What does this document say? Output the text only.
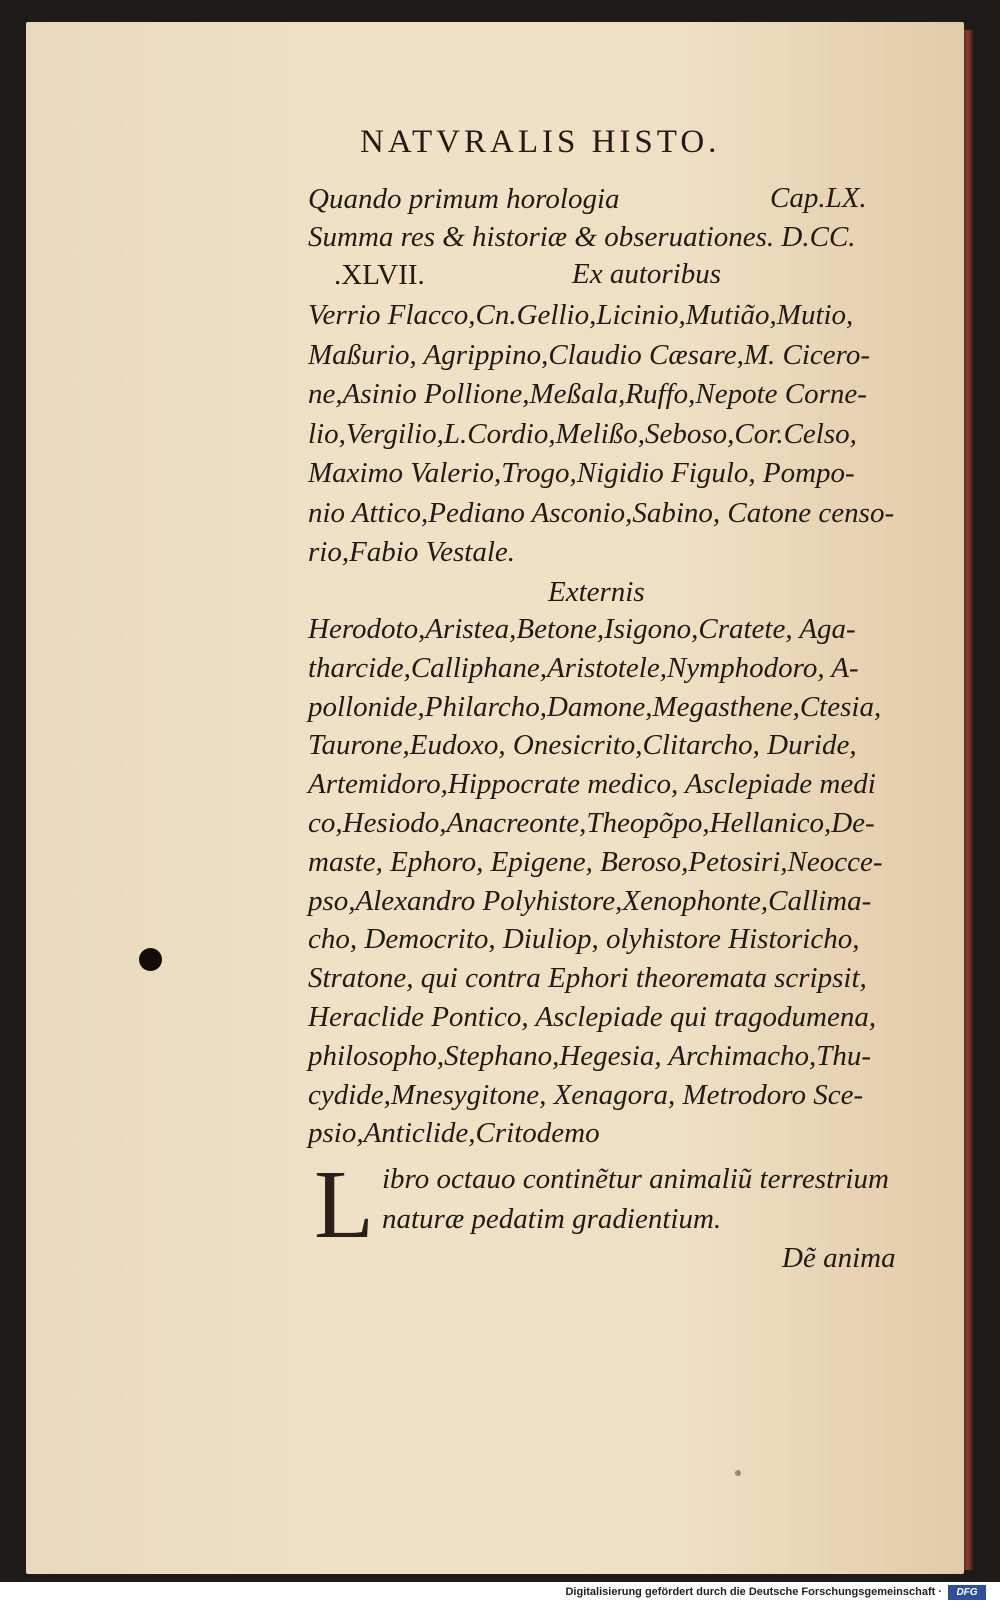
NATVRALIS HISTO.
Quando primum horologia	Cap.LX.
Summa res & historiæ & obseruationes. D.CC.
.XLVII.	Ex autoribus
Verrio Flacco,Cn.Gellio,Licinio,Mutião,Mutio,
Maßurio, Agrippino,Claudio Cæsare,M. Cicero-
ne,Asinio Pollione,Meßala,Ruffo,Nepote Corne-
lio,Vergilio,L.Cordio,Melißo,Seboso,Cor.Celso,
Maximo Valerio,Trogo,Nigidio Figulo, Pompo-
nio Attico,Pediano Asconio,Sabino, Catone censo-
rio,Fabio Vestale.
Externis
Herodoto,Aristea,Betone,Isigono,Cratete, Aga-
tharcide,Calliphane,Aristotele,Nymphodoro, A-
pollonide,Philarcho,Damone,Megasthene,Ctesia,
Taurone,Eudoxo, Onesicrito,Clitarcho, Duride,
Artemidoro,Hippocrate medico, Asclepiade medi
co,Hesiodo,Anacreonte,Theopõpo,Hellanico,De-
maste, Ephoro, Epigene, Beroso,Petosiri,Neocce-
pso,Alexandro Polyhistore,Xenophonte,Callima-
cho, Democrito, Diuliop, olyhistore Historicho,
Stratone, qui contra Ephori theoremata scripsit,
Heraclide Pontico, Asclepiade qui tragodumena,
philosopho,Stephano,Hegesia, Archimacho,Thu-
cydide,Mnesygitone, Xenagora, Metrodoro Sce-
psio,Anticlide,Critodemo
L ibro octauo continẽtur animaliũ terrestrium
naturæ pedatim gradientium.
Dẽ anima
Digitalisierung gefördert durch die Deutsche Forschungsgemeinschaft ·	DFG
